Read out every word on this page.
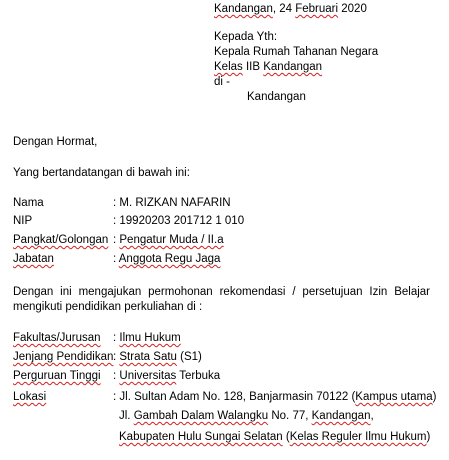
Kandangan, 24 Februari 2020
Kepada Yth:
Kepala Rumah Tahanan Negara
Kelas IIB Kandangan
di -
Kandangan
Dengan Hormat,
Yang bertandatangan di bawah ini:
Nama	: M. RIZKAN NAFARIN
NIP	: 19920203 201712 1 010
Pangkat/Golongan : Pengatur Muda / II.a
Jabatan	: Anggota Regu Jaga
Dengan ini mengajukan permohonan rekomendasi / persetujuan Izin Belajar
mengikuti pendidikan perkuliahan di :
Fakultas/Jurusan : Ilmu Hukum
Jenjang Pendidikan : Strata Satu (S1)
Perguruan Tinggi : Universitas Terbuka
Lokasi	: Jl. Sultan Adam No. 128, Banjarmasin 70122 (Kampus utama)
Jl. Gambah Dalam Walangku No. 77, Kandangan,
Kabupaten Hulu Sungai Selatan (Kelas Reguler Ilmu Hukum)
